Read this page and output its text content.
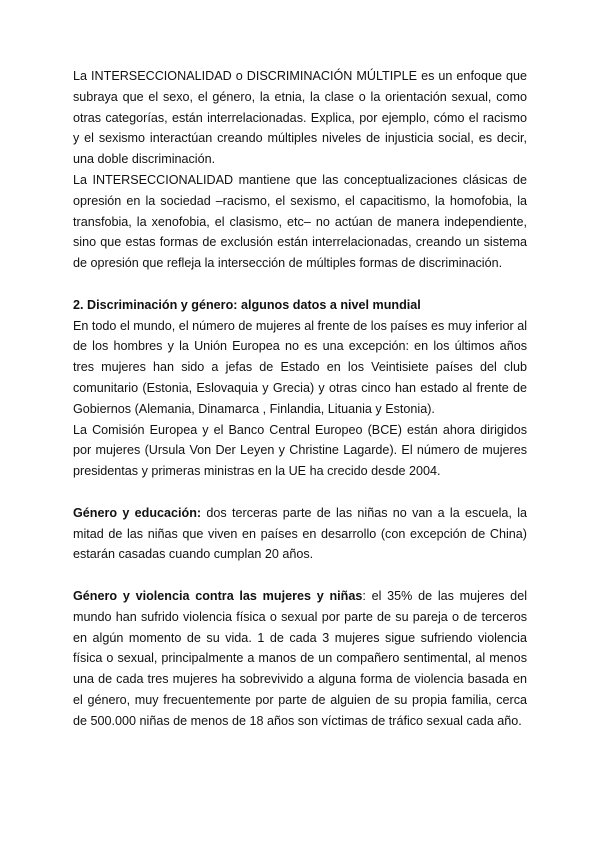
La INTERSECCIONALIDAD o DISCRIMINACIÓN MÚLTIPLE es un enfoque que subraya que el sexo, el género, la etnia, la clase o la orientación sexual, como otras categorías, están interrelacionadas. Explica, por ejemplo, cómo el racismo y el sexismo interactúan creando múltiples niveles de injusticia social, es decir, una doble discriminación.

La INTERSECCIONALIDAD mantiene que las conceptualizaciones clásicas de opresión en la sociedad –racismo, el sexismo, el capacitismo, la homofobia, la transfobia, la xenofobia, el clasismo, etc– no actúan de manera independiente, sino que estas formas de exclusión están interrelacionadas, creando un sistema de opresión que refleja la intersección de múltiples formas de discriminación.

2. Discriminación y género: algunos datos a nivel mundial

En todo el mundo, el número de mujeres al frente de los países es muy inferior al de los hombres y la Unión Europea no es una excepción: en los últimos años tres mujeres han sido a jefas de Estado en los Veintisiete países del club comunitario (Estonia, Eslovaquia y Grecia) y otras cinco han estado al frente de Gobiernos (Alemania, Dinamarca , Finlandia, Lituania y Estonia).

La Comisión Europea y el Banco Central Europeo (BCE) están ahora dirigidos por mujeres (Ursula Von Der Leyen y Christine Lagarde). El número de mujeres presidentas y primeras ministras en la UE ha crecido desde 2004.

Género y educación: dos terceras parte de las niñas no van a la escuela, la mitad de las niñas que viven en países en desarrollo (con excepción de China) estarán casadas cuando cumplan 20 años.

Género y violencia contra las mujeres y niñas: el 35% de las mujeres del mundo han sufrido violencia física o sexual por parte de su pareja o de terceros en algún momento de su vida. 1 de cada 3 mujeres sigue sufriendo violencia física o sexual, principalmente a manos de un compañero sentimental, al menos una de cada tres mujeres ha sobrevivido a alguna forma de violencia basada en el género, muy frecuentemente por parte de alguien de su propia familia, cerca de 500.000 niñas de menos de 18 años son víctimas de tráfico sexual cada año.
